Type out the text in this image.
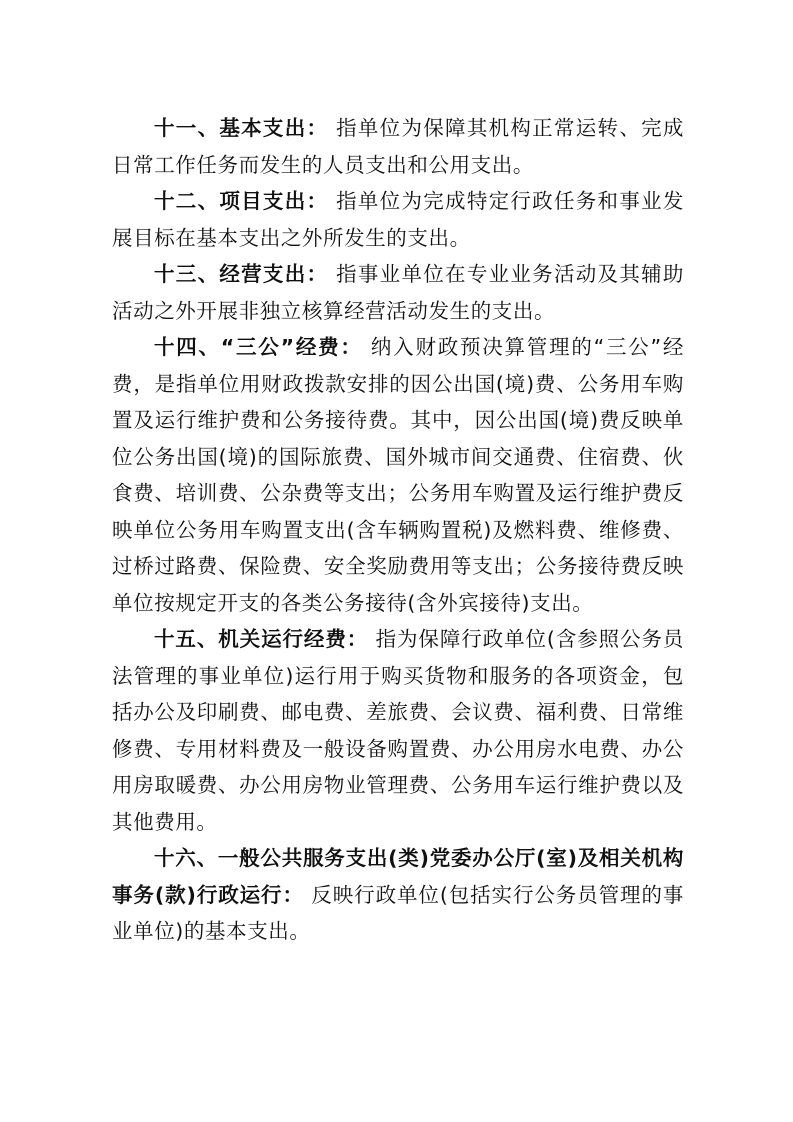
十一、基本支出： 指单位为保障其机构正常运转、完成日常工作任务而发生的人员支出和公用支出。

十二、项目支出： 指单位为完成特定行政任务和事业发展目标在基本支出之外所发生的支出。

十三、经营支出： 指事业单位在专业业务活动及其辅助活动之外开展非独立核算经营活动发生的支出。

十四、“三公”经费： 纳入财政预决算管理的“三公”经费，是指单位用财政拨款安排的因公出国(境)费、公务用车购置及运行维护费和公务接待费。其中，因公出国(境)费反映单位公务出国(境)的国际旅费、国外城市间交通费、住宿费、伙食费、培训费、公杂费等支出；公务用车购置及运行维护费反映单位公务用车购置支出(含车辆购置税)及燃料费、维修费、过桥过路费、保险费、安全奖励费用等支出；公务接待费反映单位按规定开支的各类公务接待(含外宾接待)支出。

十五、机关运行经费： 指为保障行政单位(含参照公务员法管理的事业单位)运行用于购买货物和服务的各项资金，包括办公及印刷费、邮电费、差旅费、会议费、福利费、日常维修费、专用材料费及一般设备购置费、办公用房水电费、办公用房取暖费、办公用房物业管理费、公务用车运行维护费以及其他费用。

十六、一般公共服务支出(类)党委办公厅(室)及相关机构事务(款)行政运行： 反映行政单位(包括实行公务员管理的事业单位)的基本支出。
